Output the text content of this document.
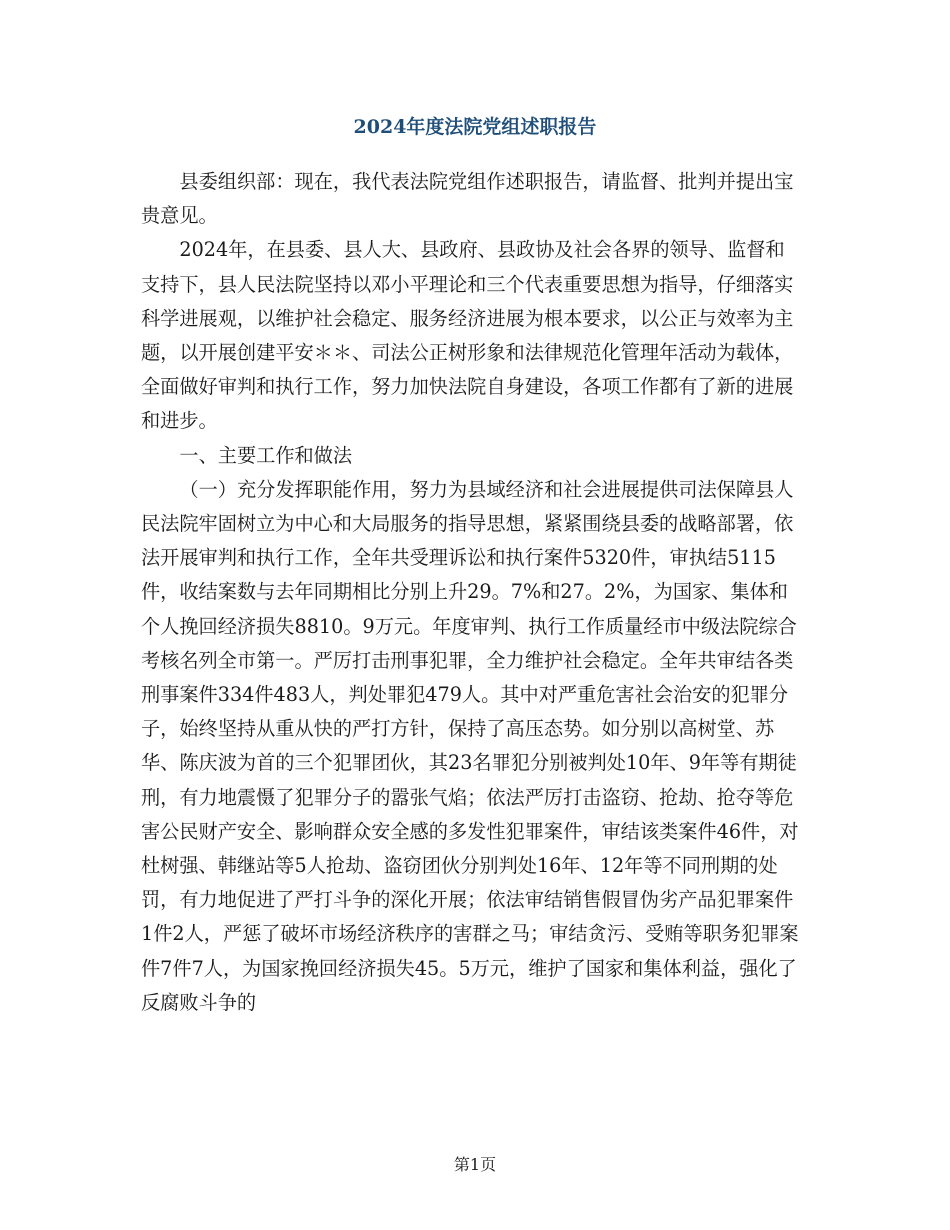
2024年度法院党组述职报告

县委组织部：现在，我代表法院党组作述职报告，请监督、批判并提出宝贵意见。

2024年，在县委、县人大、县政府、县政协及社会各界的领导、监督和支持下，县人民法院坚持以邓小平理论和三个代表重要思想为指导，仔细落实科学进展观，以维护社会稳定、服务经济进展为根本要求，以公正与效率为主题，以开展创建平安＊＊、司法公正树形象和法律规范化管理年活动为载体，全面做好审判和执行工作，努力加快法院自身建设，各项工作都有了新的进展和进步。

一、主要工作和做法

（一）充分发挥职能作用，努力为县域经济和社会进展提供司法保障县人民法院牢固树立为中心和大局服务的指导思想，紧紧围绕县委的战略部署，依法开展审判和执行工作，全年共受理诉讼和执行案件5320件，审执结5115件，收结案数与去年同期相比分别上升29。7%和27。2%，为国家、集体和个人挽回经济损失8810。9万元。年度审判、执行工作质量经市中级法院综合考核名列全市第一。严厉打击刑事犯罪，全力维护社会稳定。全年共审结各类刑事案件334件483人，判处罪犯479人。其中对严重危害社会治安的犯罪分子，始终坚持从重从快的严打方针，保持了高压态势。如分别以高树堂、苏华、陈庆波为首的三个犯罪团伙，其23名罪犯分别被判处10年、9年等有期徒刑，有力地震慑了犯罪分子的嚣张气焰；依法严厉打击盗窃、抢劫、抢夺等危害公民财产安全、影响群众安全感的多发性犯罪案件，审结该类案件46件，对杜树强、韩继站等5人抢劫、盗窃团伙分别判处16年、12年等不同刑期的处罚，有力地促进了严打斗争的深化开展；依法审结销售假冒伪劣产品犯罪案件1件2人，严惩了破坏市场经济秩序的害群之马；审结贪污、受贿等职务犯罪案件7件7人，为国家挽回经济损失45。5万元，维护了国家和集体利益，强化了反腐败斗争的

第1页
